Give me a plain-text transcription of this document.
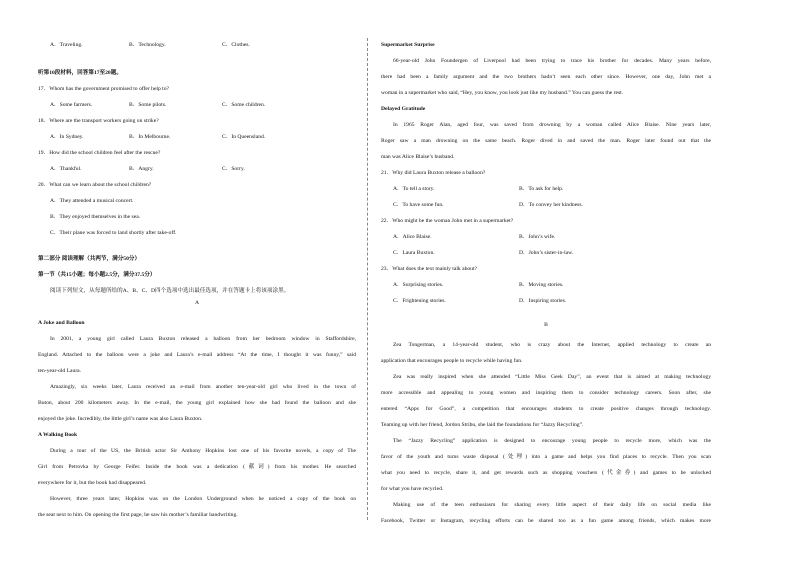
A．Traveling.	B．Technology.	C．Clothes.
听第10段材料，回答第17至20题。
17．Whom has the government promised to offer help to?
A．Some farmers.	B．Some pilots.	C．Some children.
18．Where are the transport workers going on strike?
A．In Sydney.	B．In Melbourne.	C．In Queensland.
19．How did the school children feel after the rescue?
A．Thankful.	B．Angry.	C．Sorry.
20．What can we learn about the school children?
A．They attended a musical concert.
B．They enjoyed themselves in the sea.
C．Their plane was forced to land shortly after take-off.
第二部分 阅读理解（共两节，满分50分）
第一节（共15小题；每小题2.5分，满分37.5分）
阅读下列短文，从每题所给的A、B、C、D四个选项中选出最佳选项，并在答题卡上将该项涂黑。
A
A Joke and Balloon
In 2001, a young girl called Laura Buxton released a balloon from her bedroom window in Staffordshire,
England. Attached to the balloon were a joke and Laura’s e-mail address “At the time, I thought it was funny,” said
ten-year-old Laura.
Amazingly, six weeks later, Laura received an e-mail from another ten-year-old girl who lived in the town of
Buton, about 200 kilometers away. In the e-mail, the young girl explained how she had found the balloon and she
enjoyed the joke. Incredibly, the little girl’s name was also Laura Buxton.
A Walking Book
During a tour of the US, the British actor Sir Anthony Hopkins lost one of his favorite novels, a copy of The
Girl from Petrovka by George Feifer. Inside the book was a dedication (献词) from his mother. He searched
everywhere for it, but the book had disappeared.
However, three years later, Hopkins was on the London Underground when he noticed a copy of the book on
the seat next to him. On opening the first page, he saw his mother’s familiar handwriting.
Supermarket Surprise
66-year-old John Foundergen of Liverpool had been trying to trace his brother for decades. Many years before,
there had been a family argument and the two brothers hadn’t seen each other since. However, one day, John met a
woman in a supermarket who said, “Hey, you know, you look just like my husband.” You can guess the rest.
Delayed Gratitude
In 1965 Roger Alan, aged four, was saved from drowning by a woman called Alice Blaise. Nine years later,
Roger saw a man drowning on the same beach. Roger dived in and saved the man. Roger later found out that the
man was Alice Blaise’s husband.
21．Why did Laura Buxton release a balloon?
A．To tell a story.	B．To ask for help.
C．To have some fun.	D．To convey her kindness.
22．Who might be the woman John met in a supermarket?
A．Alice Blaise.	B．John’s wife.
C．Laura Buxton.	D．John’s sister-in-law.
23．What does the text mainly talk about?
A．Surprising stories.	B．Moving stories.
C．Frightening stories.	D．Inspiring stories.
B
Zea Tongerman, a 14-year-old student, who is crazy about the Internet, applied technology to create an
application that encourages people to recycle while having fun.
Zea was really inspired when she attended “Little Miss Geek Day”, an event that is aimed at making technology
more accessible and appealing to young women and inspiring them to consider technology careers. Soon after, she
entered “Apps for Good”, a competition that encourages students to create positive changes through technology.
Teaming up with her friend, Jordon Stribu, she laid the foundations for “Jazzy Recycling”.
The “Jazzy Recycling” application is designed to encourage young people to recycle more, which was the
favor of the youth and turns waste disposal (处理) into a game and helps you find places to recycle. Then you scan
what you need to recycle, share it, and get rewards such as shopping vouchers (代金券) and games to be unlocked
for what you have recycled.
Making use of the teen enthusiasm for sharing every little aspect of their daily life on social media like
Facebook, Twitter or Instagram, recycling efforts can be shared too as a fun game among friends, which makes more
